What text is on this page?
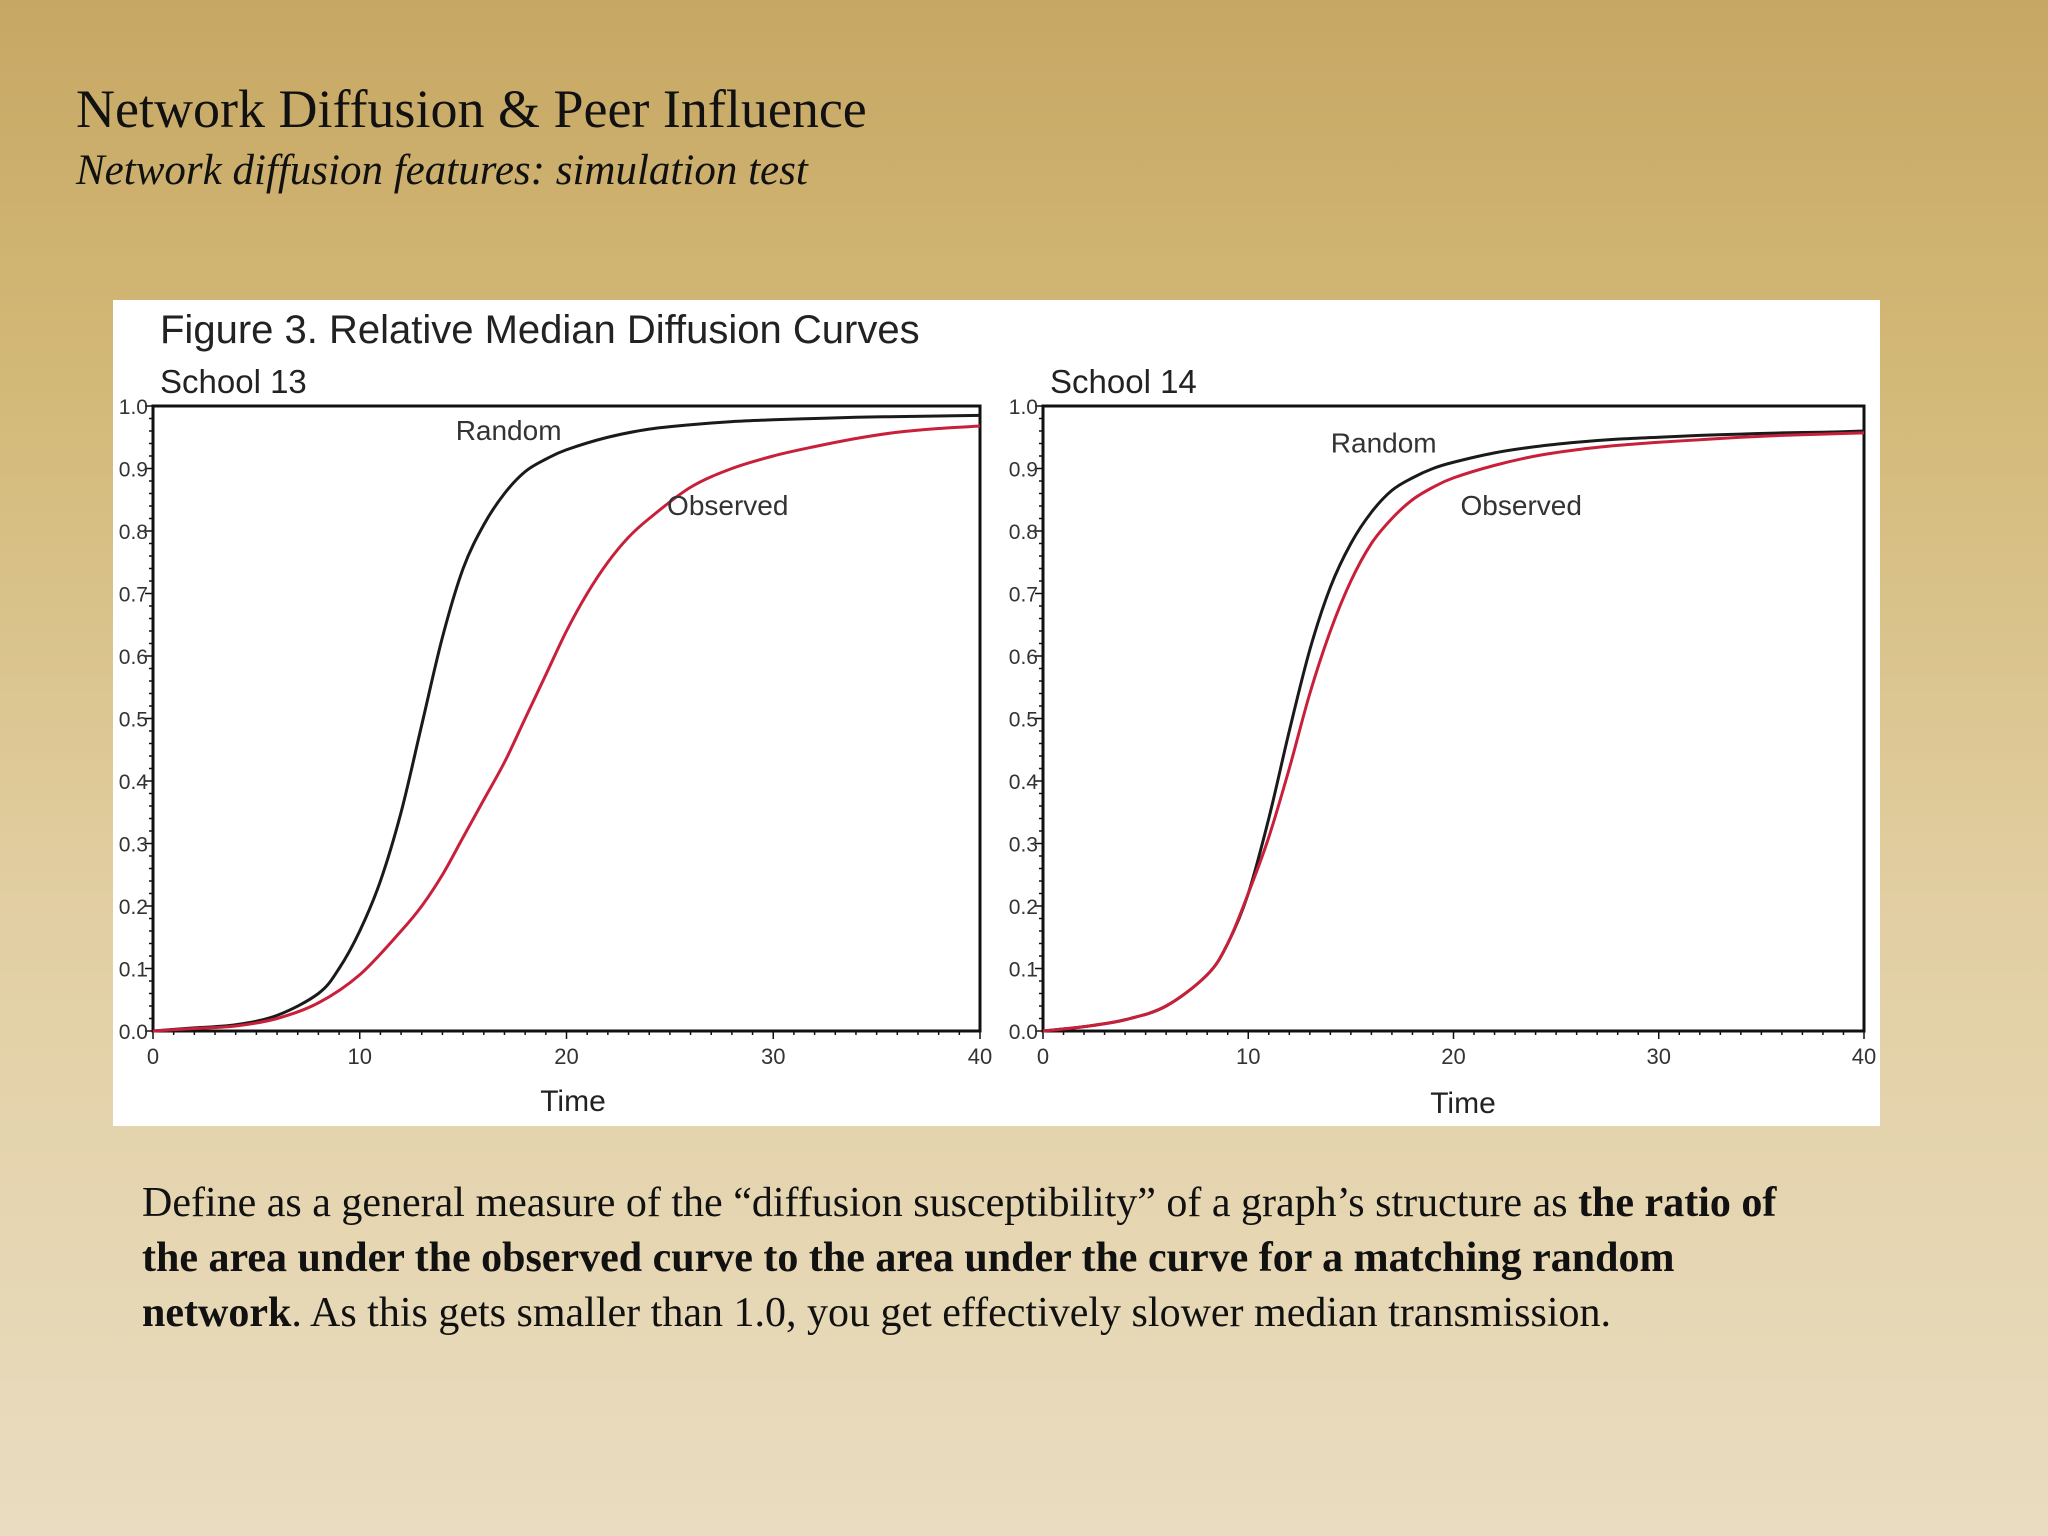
Network Diffusion & Peer Influence
Network diffusion features: simulation test
Figure 3. Relative Median Diffusion Curves
School 13
0	10	20	30	40
0.0
0.1
0.2
0.3
0.4
0.5
0.6
0.7
0.8
0.9
1.0
Time
Random
Observed
School 14
0	10	20	30	40
0.0
0.1
0.2
0.3
0.4
0.5
0.6
0.7
0.8
0.9
1.0
Time
Random
Observed
Define as a general measure of the “diffusion susceptibility” of a graph’s structure as the ratio of the area under the observed curve to the area under the curve for a matching random network. As this gets smaller than 1.0, you get effectively slower median transmission.
